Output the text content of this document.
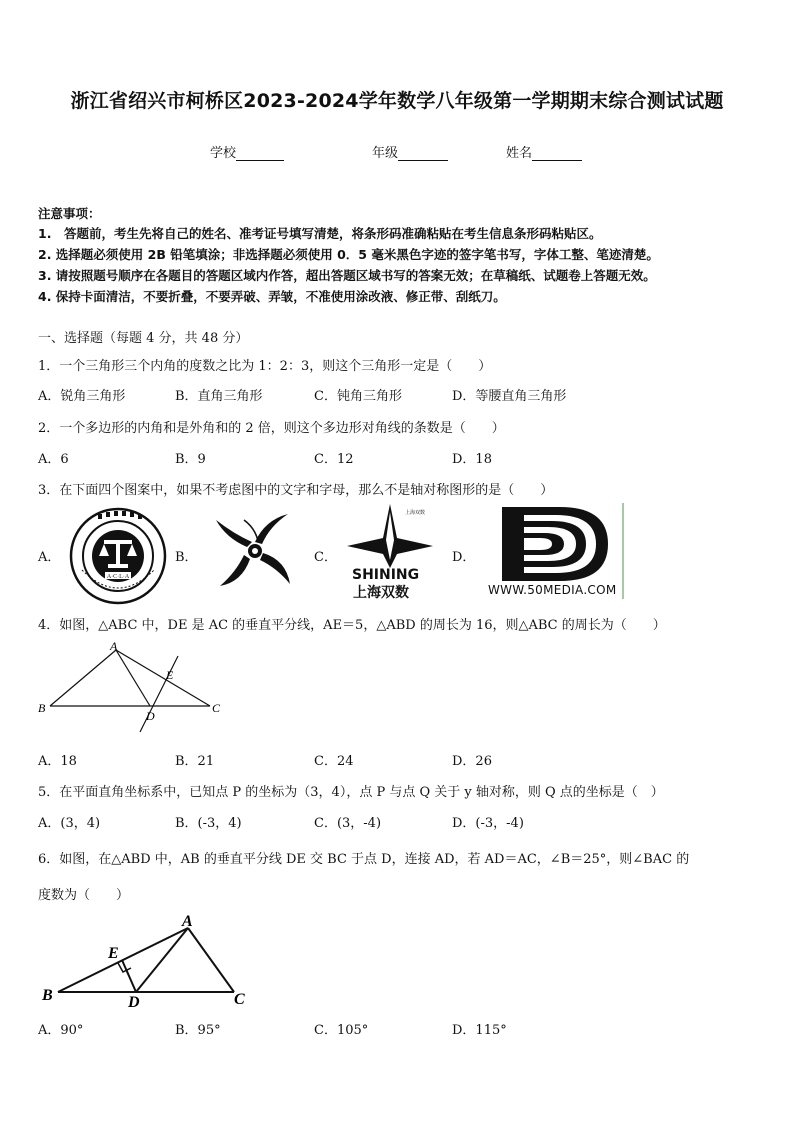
浙江省绍兴市柯桥区2023-2024学年数学八年级第一学期期末综合测试试题
学校	年级	姓名
注意事项：
1.　答题前，考生先将自己的姓名、准考证号填写清楚，将条形码准确粘贴在考生信息条形码粘贴区。
2. 选择题必须使用 2B 铅笔填涂；非选择题必须使用 0．5 毫米黑色字迹的签字笔书写，字体工整、笔迹清楚。
3. 请按照题号顺序在各题目的答题区域内作答，超出答题区域书写的答案无效；在草稿纸、试题卷上答题无效。
4. 保持卡面清洁，不要折叠，不要弄破、弄皱，不准使用涂改液、修正带、刮纸刀。
一、选择题（每题 4 分，共 48 分）
1．一个三角形三个内角的度数之比为 1：2：3，则这个三角形一定是（　　）
A．锐角三角形	B．直角三角形	C．钝角三角形	D．等腰直角三角形
2．一个多边形的内角和是外角和的 2 倍，则这个多边形对角线的条数是（　　）
A．6	B．9	C．12	D．18
3．在下面四个图案中，如果不考虑图中的文字和字母，那么不是轴对称图形的是（　　）
A．	B．	C．	D．
A·C·L·A
上海双数
SHINING
上海双数	WWW.50MEDIA.COM
4．如图，△ABC 中，DE 是 AC 的垂直平分线，AE＝5，△ABD 的周长为 16，则△ABC 的周长为（　　）
A
B	C
D
E
A．18	B．21	C．24	D．26
5．在平面直角坐标系中，已知点 P 的坐标为（3，4），点 P 与点 Q 关于 y 轴对称，则 Q 点的坐标是（　）
A．(3，4)	B．(-3，4)	C．(3，-4)	D．(-3，-4)
6．如图，在△ABD 中，AB 的垂直平分线 DE 交 BC 于点 D，连接 AD，若 AD＝AC，∠B＝25°，则∠BAC 的
度数为（　　）
A
B	C
D
E
A．90°	B．95°	C．105°	D．115°
